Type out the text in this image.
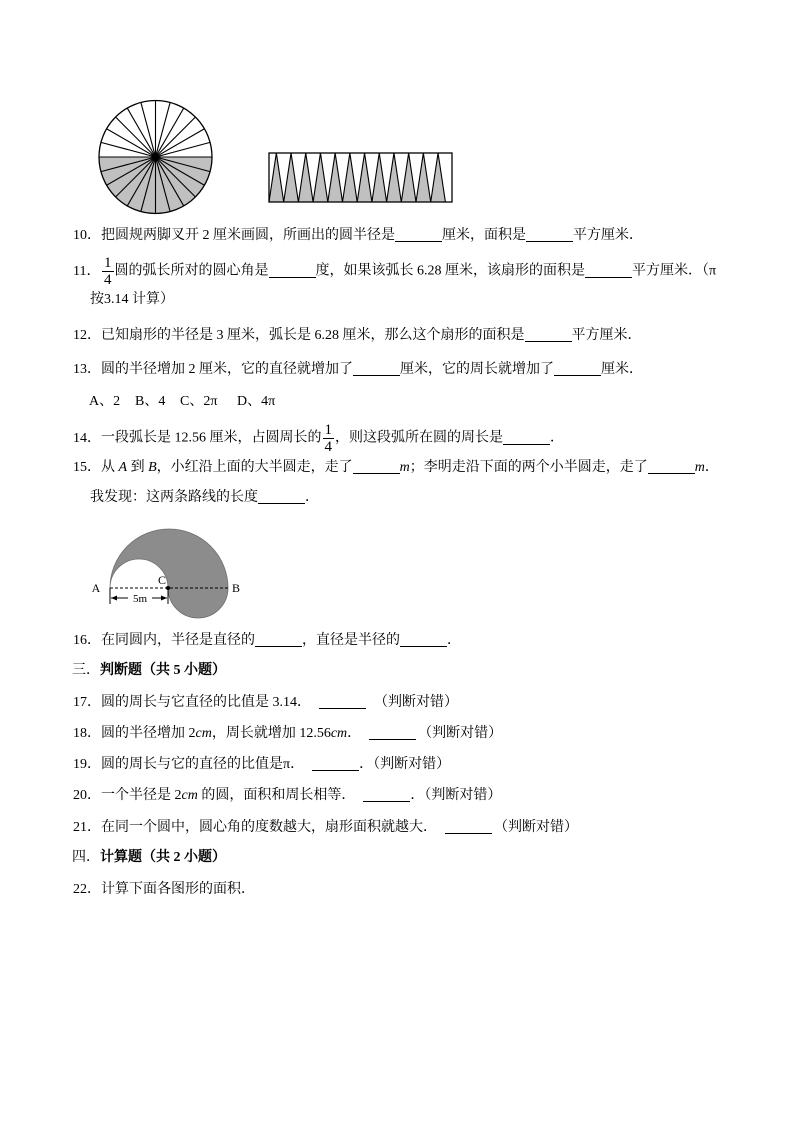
10．把圆规两脚叉开 2 厘米画圆，所画出的圆半径是	厘米，面积是	平方厘米．
11． $\frac{1}{4}$ 圆的弧长所对的圆心角是	度，如果该弧长 6.28 厘米，该扇形的面积是	平方厘米．（π
按3.14 计算）
12．已知扇形的半径是 3 厘米，弧长是 6.28 厘米，那么这个扇形的面积是	平方厘米．
13．圆的半径增加 2 厘米，它的直径就增加了	厘米，它的周长就增加了	厘米．
A、2 B、4 C、2π D、4π
14．一段弧长是 12.56 厘米，占圆周长的 $\frac{1}{4}$ ，则这段弧所在圆的周长是	．
15．从 A 到 B，小红沿上面的大半圆走，走了	m；李明走沿下面的两个小半圆走，走了	m．
我发现：这两条路线的长度	．
A
C
B
5m
16．在同圆内，半径是直径的	，直径是半径的	．
三．判断题（共 5 小题）
17．圆的周长与它直径的比值是 3.14．	（判断对错）
18．圆的半径增加 2cm，周长就增加 12.56cm．	（判断对错）
19．圆的周长与它的直径的比值是π．	．（判断对错）
20．一个半径是 2cm 的圆，面积和周长相等．	．（判断对错）
21．在同一个圆中，圆心角的度数越大，扇形面积就越大．	（判断对错）
四．计算题（共 2 小题）
22．计算下面各图形的面积．
